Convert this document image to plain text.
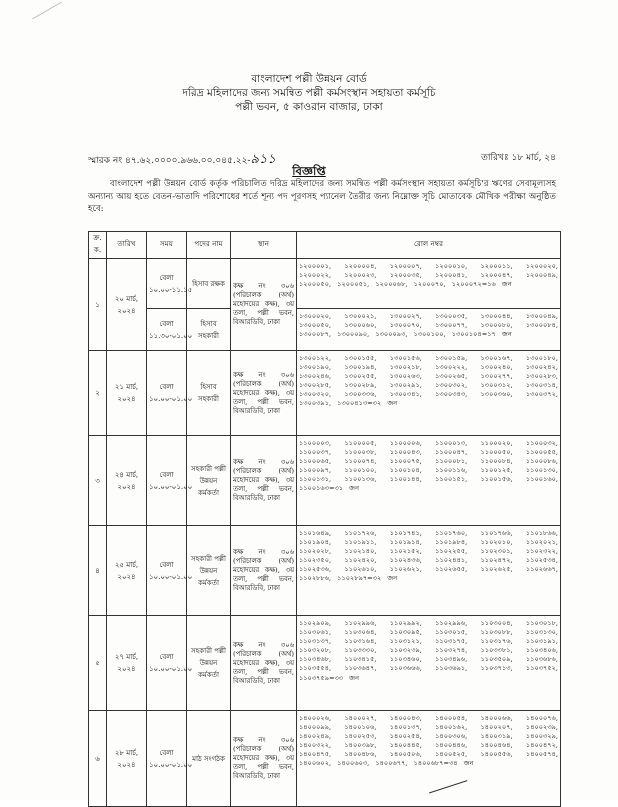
বাংলাদেশ পল্লী উন্নয়ন বোর্ড
দরিদ্র মহিলাদের জন্য সমন্বিত পল্লী কর্মসংস্থান সহায়তা কর্মসূচি
পল্লী ভবন, ৫ কাওরান বাজার, ঢাকা
স্মারক নং ৪৭.৬২.০০০০.৯৬৬.০০.০৪৫.২২-৯১১	তারিখঃ ১৮ মার্চ, ২৪
বিজ্ঞপ্তি
বাংলাদেশ পল্লী উন্নয়ন বোর্ড কর্তৃক পরিচালিত দরিদ্র মহিলাদের জন্য সমন্বিত পল্লী কর্মসংস্থান সহায়তা কর্মসূচি'র ঋণের সেবামূল্যসহ অন্যান্য আয় হতে বেতন-ভাতাদি পরিশোধের শর্তে শূন্য পদ পূরণসহ প্যানেল তৈরীর জন্য নিম্নোক্ত সূচি মোতাবেক মৌখিক পরীক্ষা অনুষ্ঠিত হবে:
ক্র. ক.	তারিখ	সময়	পদের নাম	স্থান	রোল নম্বর
১	২০ মার্চ, ২০২৪	বেলা ১০.০০-১১.১৫	হিসাব রক্ষক	কক্ষ নং ৩০৬ (পরিচালক (অর্থ) মহোদয়ের কক্ষ), ৩য় তলা, পল্লী ভবন, বিআরডিবি, ঢাকা	১২০০০০১, ১২০০০০৪, ১২০০০০৭, ১২০০০১০, ১২০০০১১, ১২০০০২০, ১২০০০২২, ১২০০০২৩, ১২০০০৩৫, ১২০০০৪১, ১২০০০৪৭, ১২০০০৪৯, ১২০০০৫০, ১২০০০৫১, ১২০০০৬৮, ১২০০০৭০, ১২০০০৭২=১৬ জন
		বেলা ১১.৩০-০১.০০	হিসাব সহকারী		১৩০০০২০, ১৩০০০২১, ১৩০০০২৭, ১৩০০০৩৫, ১৩০০০৪৪, ১৩০০০৪৯, ১৩০০০৫০, ১৩০০০৬০, ১৩০০০৭০, ১৩০০০৭৭, ১৩০০০৮০, ১৩০০০৮৪, ১৩০০০৮৭, ১৩০০০৯০, ১৩০০০৯৩, ১৩০০১০০, ১৩০০১০৪=১৭ জন
২	২১ মার্চ, ২০২৪	বেলা ১০.০০-০১.০০	হিসাব সহকারী	কক্ষ নং ৩০৬ (পরিচালক (অর্থ) মহোদয়ের কক্ষ), ৩য় তলা, পল্লী ভবন, বিআরডিবি, ঢাকা	১৩০০১২২, ১৩০০১৫৫, ১৩০০১৫৬, ১৩০০১৫৯, ১৩০০১৬৭, ১৩০০১৮০, ১৩০০১৯০, ১৩০০১৯৪, ১৩০০২১৮, ১৩০০২২২, ১৩০০২৪০, ১৩০০২৪২, ১৩০০২৪৬, ১৩০০২৫৫, ১৩০০২৬৩, ১৩০০২৬৫, ১৩০০২৭৭, ১৩০০২৮৩, ১৩০০২৮৫, ১৩০০২৮৯, ১৩০০২৯১, ১৩০০৩০২, ১৩০০৩১২, ১৩০০৩১৪, ১৩০০৩২০, ১৩০০৩৩৬, ১৩০০৩৪১, ১৩০০৩৪৩, ১৩০০৩৬০, ১৩০০৩৭২, ১৩০০৩৯১, ১৩০০৪১৩=৩২ জন
৩	২৪ মার্চ, ২০২৪	বেলা ১০.০০-০১.০০	সহকারী পল্লী উন্নয়ন কর্মকর্তা	কক্ষ নং ৩০৬ (পরিচালক (অর্থ) মহোদয়ের কক্ষ), ৩য় তলা, পল্লী ভবন, বিআরডিবি, ঢাকা	১১০০০০৩, ১১০০০০৫, ১১০০০০৬, ১১০০০১৩, ১১০০০২০, ১১০০০৩২, ১১০০০৩৭, ১১০০০৩৮, ১১০০০৪৩, ১১০০০৪৭, ১১০০০৫০, ১১০০০৫৫, ১১০০০৬৫, ১১০০০৭৪, ১১০০০৭৫, ১১০০০৮১, ১১০০০৮৪, ১১০০০৮৬, ১১০০০৯৭, ১১০০১০০, ১১০০১০৪, ১১০০১১৬, ১১০০১২৫, ১১০০১৩০, ১১০০১৩১, ১১০০১৩৬, ১১০০১৪৪, ১১০০১৫১, ১১০০১৫৬, ১১০০১৬০, ১১০০১৬৩=৩১ জন
৪	২৫ মার্চ, ২০২৪	বেলা ১০.০০-০১.০০	সহকারী পল্লী উন্নয়ন কর্মকর্তা	কক্ষ নং ৩০৬ (পরিচালক (অর্থ) মহোদয়ের কক্ষ), ৩য় তলা, পল্লী ভবন, বিআরডিবি, ঢাকা	১১০১৬৪৯, ১১০১৭২৬, ১১০১৭৪১, ১১০১৭৬০, ১১০১৭৬৬, ১১০১৮৬৬, ১১০১৯০৪, ১১০১৯১১, ১১০১৯১৪, ১১০১৯৮৪, ১১০২০১০, ১১০২০২১, ১১০২০২৮, ১১০২১৪০, ১১০২১৫২, ১১০২২৫৫, ১১০২৩০১, ১১০২৩২২, ১১০২৩৫০, ১১০২৪২০, ১১০২৪৩৬, ১১০২৪৪১, ১১০২৪৭২, ১১০২৫৩৪, ১১০২৫৩৬, ১১০২৬১০, ১১০২৬২১, ১১০২৬৫৫, ১১০২৬২৫, ১১০২৬৬৭, ১১০২৮৮৬, ১১০২৮৯৭=৩২ জন
৫	২৭ মার্চ, ২০২৪	বেলা ১০.০০-০১.০০	সহকারী পল্লী উন্নয়ন কর্মকর্তা	কক্ষ নং ৩০৬ (পরিচালক (অর্থ) মহোদয়ের কক্ষ), ৩য় তলা, পল্লী ভবন, বিআরডিবি, ঢাকা	১১০২৯০৯, ১১০২৯৯৬, ১১০২৯৯২, ১১০২৯৯৬, ১১০৩০০৪, ১১০৩০১৮, ১১০৩০৬১, ১১০৩০৬৪, ১১০৩০৯৫, ১১০৩০১৫, ১১০৩০৮৮, ১১০৩১৩০, ১১০৩১৩৭, ১১০৩১৬৪, ১১০৩১২১, ১১০৩১৭৫, ১১০৩১৭৬, ১১০৩১৯১, ১১০৩২০৮, ১১০৩৩৩০, ১১০৩২৩৯, ১১০৩২৭৪, ১১০৩৩৮১, ১১০৩৪০৬, ১১০৩৪৬৮, ১১০৩৪১৫, ১১০৩৪৬০, ১১০৩৪৯৬, ১১০৩৫০৯, ১১০৩৬৮৬, ১১০৩৫৫৪, ১১০৩৬৪৭, ১১০৩৬৬৬, ১১০৩৬৯১, ১১০৩৭১৩, ১১০৩৭৫২, ১১০৩৭৫৯=৩৩ জন
৬	২৮ মার্চ, ২০২৪	বেলা ১০.০০-০১.০০	মাঠ সংগঠক	কক্ষ নং ৩০৬ (পরিচালক (অর্থ) মহোদয়ের কক্ষ), ৩য় তলা, পল্লী ভবন, বিআরডিবি, ঢাকা	১৪০০০২৬, ১৪০০০২৭, ১৪০০০৪৩, ১৪০০০৫৪, ১৪০০০৬৬, ১৪০০০৭৬, ১৪০০০৯৯, ১৪০০১০৬, ১৪০০১৩৭, ১৪০০১৬২, ১৪০০২০৭, ১৪০০২৩৯, ১৪০০২৪৯, ১৪০০২৫৩, ১৪০০২৫৪, ১৪০০৩০৬, ১৪০০৩১৯, ১৪০০৩২৯, ১৪০০৩২২, ১৪০০৩৯৮, ১৪০০৪৪৫, ১৪০০৪৪৬, ১৪০০৪৬৪, ১৪০০৪৭২, ১৪০০৪৭৫, ১৪০০৪৮৬, ১৪০০৫০৬, ১৪০০৫২৫, ১৪০০৫৫৬, ১৪০০৫৭৪, ১৪০০৬০২, ১৪০০৬০৩, ১৪০০৬৭৭, ১৪০০৬৮৭=৩৪ জন
